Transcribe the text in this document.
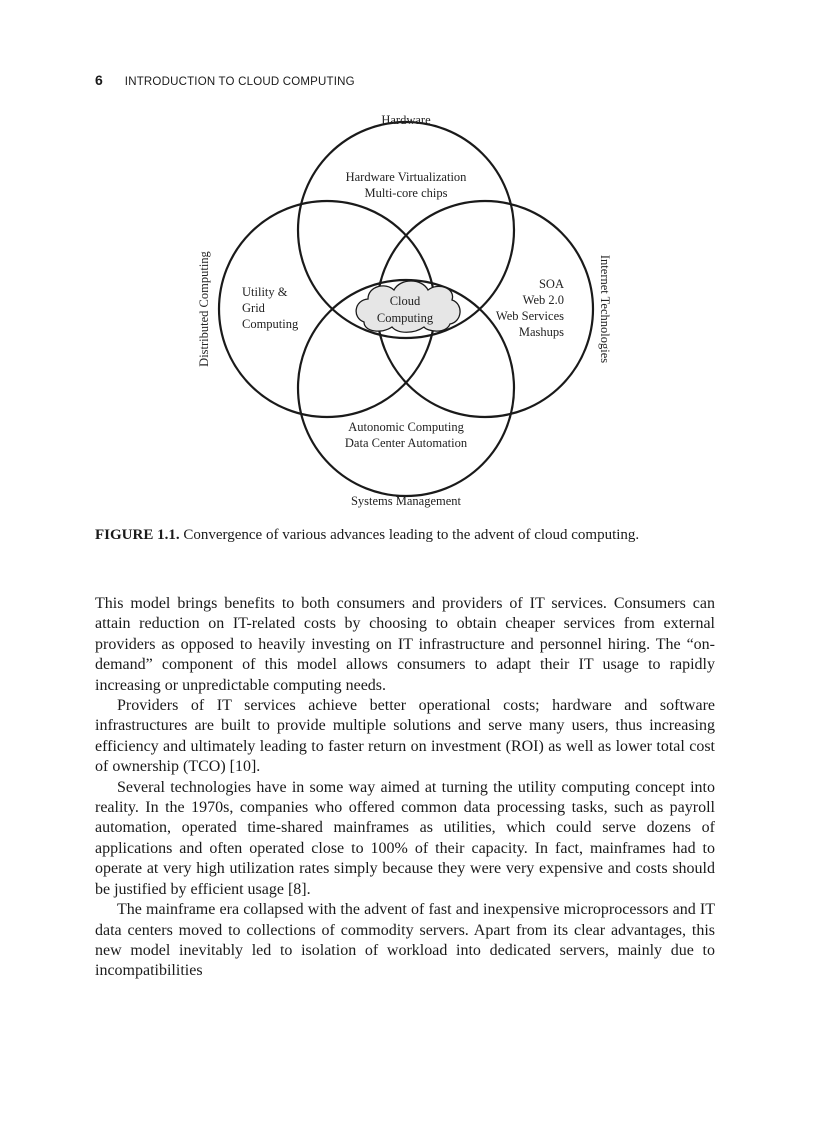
6 INTRODUCTION TO CLOUD COMPUTING
Hardware
Systems Management
Distributed Computing	Internet Technologies
Hardware Virtualization
Multi-core chips
Utility &
Grid
Computing
SOA
Web 2.0
Web Services
Mashups
Autonomic Computing
Data Center Automation
Cloud
Computing
FIGURE 1.1. Convergence of various advances leading to the advent of cloud computing.

This model brings benefits to both consumers and providers of IT services. Consumers can attain reduction on IT-related costs by choosing to obtain cheaper services from external providers as opposed to heavily investing on IT infrastructure and personnel hiring. The “on-demand” component of this model allows consumers to adapt their IT usage to rapidly increasing or unpredictable computing needs.

Providers of IT services achieve better operational costs; hardware and software infrastructures are built to provide multiple solutions and serve many users, thus increasing efficiency and ultimately leading to faster return on investment (ROI) as well as lower total cost of ownership (TCO) [10].

Several technologies have in some way aimed at turning the utility computing concept into reality. In the 1970s, companies who offered common data processing tasks, such as payroll automation, operated time-shared mainframes as utilities, which could serve dozens of applications and often operated close to 100% of their capacity. In fact, mainframes had to operate at very high utilization rates simply because they were very expensive and costs should be justified by efficient usage [8].

The mainframe era collapsed with the advent of fast and inexpensive microprocessors and IT data centers moved to collections of commodity servers. Apart from its clear advantages, this new model inevitably led to isolation of workload into dedicated servers, mainly due to incompatibilities
